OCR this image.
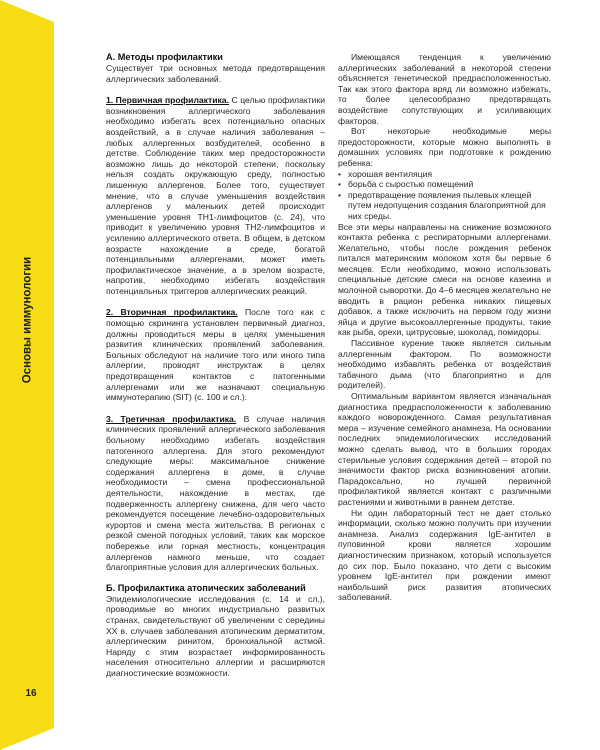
Основы иммунологии
16
А. Методы профилактики

Существует три основных метода предотвращения аллергических заболеваний.

1. Первичная профилактика. С целью профилактики возникновения аллергического заболевания необходимо избегать всех потенциально опасных воздействий, а в случае наличия заболевания – любых аллергенных возбудителей, особенно в детстве. Соблюдение таких мер предосторожности возможно лишь до некоторой степени, поскольку нельзя создать окружающую среду, полностью лишенную аллергенов. Более того, существует мнение, что в случае уменьшения воздействия аллергенов у маленьких детей происходит уменьшение уровня TH1-лимфоцитов (с. 24), что приводит к увеличению уровня TH2-лимфоцитов и усилению аллергического ответа. В общем, в детском возрасте нахождение в среде, богатой потенциальными аллергенами, может иметь профилактическое значение, а в зрелом возрасте, напротив, необходимо избегать воздействия потенциальных триггеров аллергических реакций.

2. Вторичная профилактика. После того как с помощью скрининга установлен первичный диагноз, должны проводиться меры в целях уменьшения развития клинических проявлений заболевания. Больных обследуют на наличие того или иного типа аллергии, проводят инструктаж в целях предотвращения контактов с патогенными аллергенами или же назначают специальную иммунотерапию (SIT) (с. 100 и сл.).

3. Третичная профилактика. В случае наличия клинических проявлений аллергического заболевания больному необходимо избегать воздействия патогенного аллергена. Для этого рекомендуют следующие меры: максимальное снижение содержания аллергена в доме, в случае необходимости – смена профессиональной деятельности, нахождение в местах, где подверженность аллергену снижена, для чего часто рекомендуется посещение лечебно-оздоровительных курортов и смена места жительства. В регионах с резкой сменой погодных условий, таких как морское побережье или горная местность, концентрация аллергенов намного меньше, что создает благоприятные условия для аллергических больных.

Б. Профилактика атопических заболеваний

Эпидемиологические исследования (с. 14 и сл.), проводимые во многих индустриально развитых странах, свидетельствуют об увеличении с середины XX в. случаев заболевания атопическим дерматитом, аллергическим ринитом, бронхиальной астмой. Наряду с этим возрастает информированность населения относительно аллергии и расширяются диагностические возможности.

Имеющаяся тенденция к увеличению аллергических заболеваний в некоторой степени объясняется генетической предрасположенностью. Так как этого фактора вряд ли возможно избежать, то более целесообразно предотвращать воздействие сопутствующих и усиливающих факторов.

Вот некоторые необходимые меры предосторожности, которые можно выполнять в домашних условиях при подготовке к рождению ребенка:

• хорошая вентиляция
• борьба с сыростью помещений
• предотвращение появления пылевых клещей путем недопущения создания благоприятной для них среды.

Все эти меры направлены на снижение возможного контакта ребенка с респираторными аллергенами. Желательно, чтобы после рождения ребенок питался материнским молоком хотя бы первые 6 месяцев. Если необходимо, можно использовать специальные детские смеси на основе казеина и молочной сыворотки. До 4–6 месяцев желательно не вводить в рацион ребенка никаких пищевых добавок, а также исключить на первом году жизни яйца и другие высокоаллергенные продукты, такие как рыба, орехи, цитрусовые, шоколад, помидоры.

Пассивное курение также является сильным аллергенным фактором. По возможности необходимо избавлять ребенка от воздействия табачного дыма (что благоприятно и для родителей).

Оптимальным вариантом является изначальная диагностика предрасположенности к заболеванию каждого новорожденного. Самая результативная мера – изучение семейного анамнеза. На основании последних эпидемиологических исследований можно сделать вывод, что в больших городах стерильные условия содержания детей – второй по значимости фактор риска возникновения атопии. Парадоксально, но лучшей первичной профилактикой является контакт с различными растениями и животными в раннем детстве.

Ни один лабораторный тест не дает столько информации, сколько можно получить при изучении анамнеза. Анализ содержания IgE-антител в пуповинной крови является хорошим диагностическим признаком, который используется до сих пор. Было показано, что дети с высоким уровнем IgE-антител при рождении имеют наибольший риск развития атопических заболеваний.
